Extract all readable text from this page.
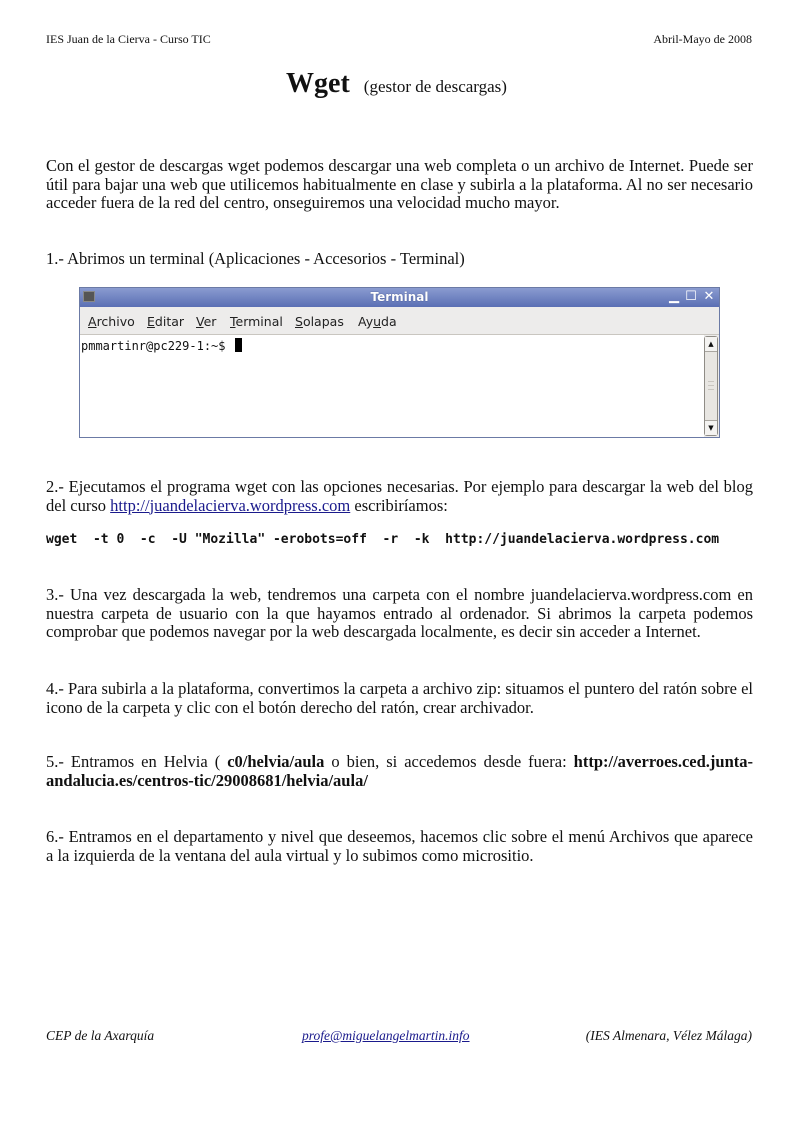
IES Juan de la Cierva - Curso TIC	Abril-Mayo de 2008
Wget (gestor de descargas)

Con el gestor de descargas wget podemos descargar una web completa o un archivo de Internet. Puede ser útil para bajar una web que utilicemos habitualmente en clase y subirla a la plataforma. Al no ser necesario acceder fuera de la red del centro, onseguiremos una velocidad mucho mayor.

1.- Abrimos un terminal (Aplicaciones - Accesorios - Terminal)

Terminal	▁ ☐ ✕
Archivo Editar Ver Terminal Solapas Ayuda
pmmartinr@pc229-1:~$	▲
▼

2.- Ejecutamos el programa wget con las opciones necesarias. Por ejemplo para descargar la web del blog del curso http://juandelacierva.wordpress.com escribiríamos:

wget  -t 0  -c  -U "Mozilla" -erobots=off  -r  -k  http://juandelacierva.wordpress.com

3.- Una vez descargada la web, tendremos una carpeta con el nombre juandelacierva.wordpress.com en nuestra carpeta de usuario con la que hayamos entrado al ordenador. Si abrimos la carpeta podemos comprobar que podemos navegar por la web descargada localmente, es decir sin acceder a Internet.

4.- Para subirla a la plataforma, convertimos la carpeta a archivo zip: situamos el puntero del ratón sobre el icono de la carpeta y clic con el botón derecho del ratón, crear archivador.

5.- Entramos en Helvia ( c0/helvia/aula o bien, si accedemos desde fuera: http://averroes.ced.junta-andalucia.es/centros-tic/29008681/helvia/aula/

6.- Entramos en el departamento y nivel que deseemos, hacemos clic sobre el menú Archivos que aparece a la izquierda de la ventana del aula virtual y lo subimos como micrositio.

CEP de la Axarquía	profe@miguelangelmartin.info	(IES Almenara, Vélez Málaga)
